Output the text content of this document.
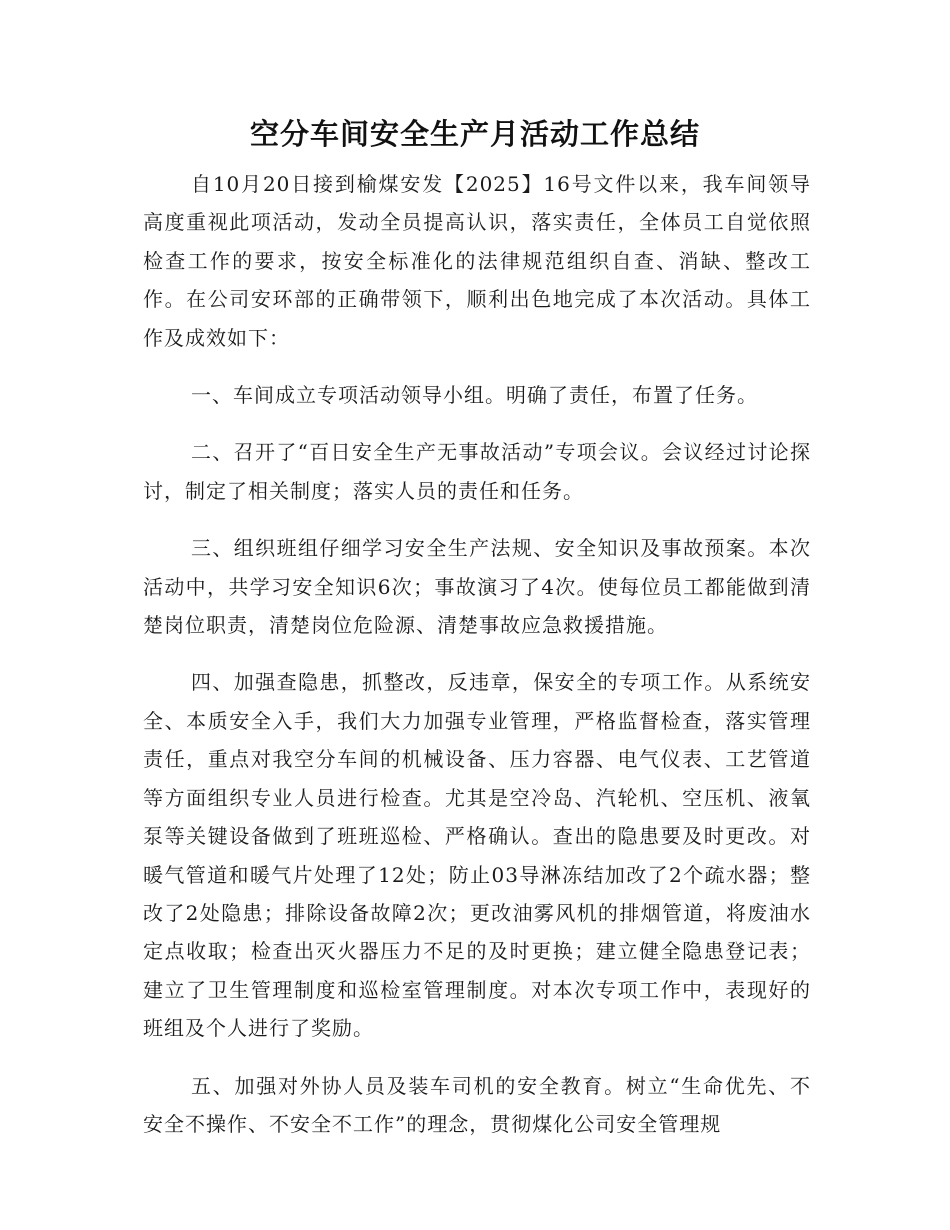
空分车间安全生产月活动工作总结

自10月20日接到榆煤安发【2025】16号文件以来，我车间领导高度重视此项活动，发动全员提高认识，落实责任，全体员工自觉依照检查工作的要求，按安全标准化的法律规范组织自查、消缺、整改工作。在公司安环部的正确带领下，顺利出色地完成了本次活动。具体工作及成效如下：

一、车间成立专项活动领导小组。明确了责任，布置了任务。

二、召开了“百日安全生产无事故活动”专项会议。会议经过讨论探讨，制定了相关制度；落实人员的责任和任务。

三、组织班组仔细学习安全生产法规、安全知识及事故预案。本次活动中，共学习安全知识6次；事故演习了4次。使每位员工都能做到清楚岗位职责，清楚岗位危险源、清楚事故应急救援措施。

四、加强查隐患，抓整改，反违章，保安全的专项工作。从系统安全、本质安全入手，我们大力加强专业管理，严格监督检查，落实管理责任，重点对我空分车间的机械设备、压力容器、电气仪表、工艺管道等方面组织专业人员进行检查。尤其是空冷岛、汽轮机、空压机、液氧泵等关键设备做到了班班巡检、严格确认。查出的隐患要及时更改。对暖气管道和暖气片处理了12处；防止03导淋冻结加改了2个疏水器；整改了2处隐患；排除设备故障2次；更改油雾风机的排烟管道，将废油水定点收取；检查出灭火器压力不足的及时更换；建立健全隐患登记表；建立了卫生管理制度和巡检室管理制度。对本次专项工作中，表现好的班组及个人进行了奖励。

五、加强对外协人员及装车司机的安全教育。树立“生命优先、不安全不操作、不安全不工作”的理念，贯彻煤化公司安全管理规
